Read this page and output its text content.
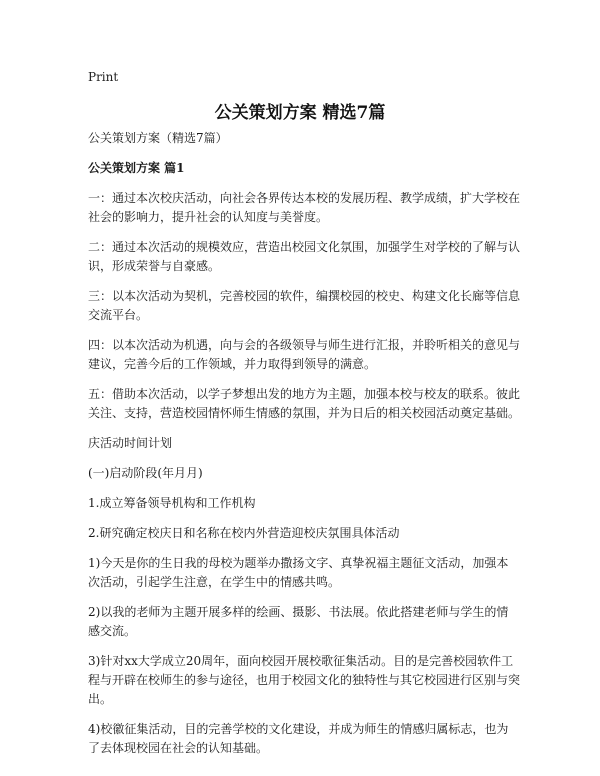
Print
公关策划方案 精选7篇

公关策划方案（精选7篇）

公关策划方案 篇1

一：通过本次校庆活动，向社会各界传达本校的发展历程、教学成绩，扩大学校在社会的影响力，提升社会的认知度与美誉度。

二：通过本次活动的规模效应，营造出校园文化氛围，加强学生对学校的了解与认识，形成荣誉与自豪感。

三：以本次活动为契机，完善校园的软件，编撰校园的校史、构建文化长廊等信息交流平台。

四：以本次活动为机遇，向与会的各级领导与师生进行汇报，并聆听相关的意见与建议，完善今后的工作领域，并力取得到领导的满意。

五：借助本次活动，以学子梦想出发的地方为主题，加强本校与校友的联系。彼此关注、支持，营造校园情怀师生情感的氛围，并为日后的相关校园活动奠定基础。

庆活动时间计划

(一)启动阶段(年月月)

1.成立筹备领导机构和工作机构

2.研究确定校庆日和名称在校内外营造迎校庆氛围具体活动

1)今天是你的生日我的母校为题举办撒扬文字、真挚祝福主题征文活动，加强本次活动，引起学生注意，在学生中的情感共鸣。

2)以我的老师为主题开展多样的绘画、摄影、书法展。依此搭建老师与学生的情感交流。

3)针对xx大学成立20周年，面向校园开展校歌征集活动。目的是完善校园软件工程与开辟在校师生的参与途径，也用于校园文化的独特性与其它校园进行区别与突出。

4)校徽征集活动，目的完善学校的文化建设，并成为师生的情感归属标志，也为了去体现校园在社会的认知基础。
